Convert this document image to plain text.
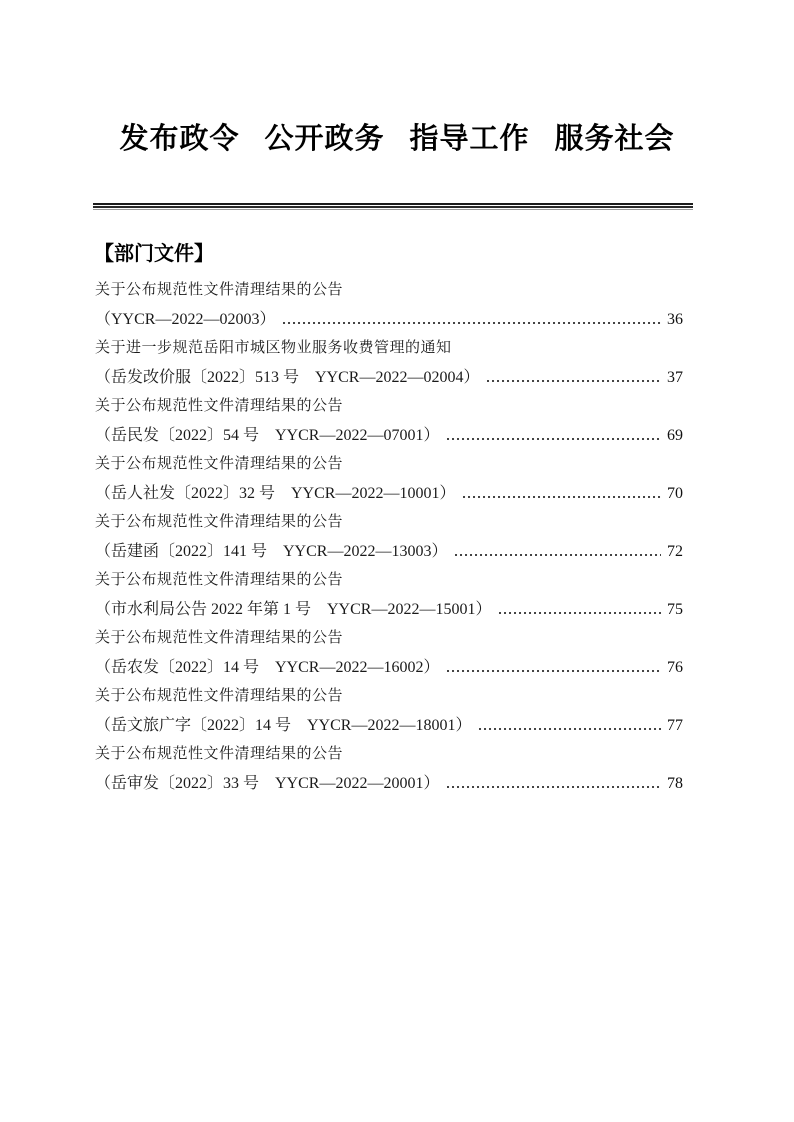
发布政令 公开政务 指导工作 服务社会
【部门文件】
关于公布规范性文件清理结果的公告
（YYCR—2022—02003）	36
关于进一步规范岳阳市城区物业服务收费管理的通知
（岳发改价服〔2022〕513 号　YYCR—2022—02004）	37
关于公布规范性文件清理结果的公告
（岳民发〔2022〕54 号　YYCR—2022—07001）	69
关于公布规范性文件清理结果的公告
（岳人社发〔2022〕32 号　YYCR—2022—10001）	70
关于公布规范性文件清理结果的公告
（岳建函〔2022〕141 号　YYCR—2022—13003）	72
关于公布规范性文件清理结果的公告
（市水利局公告 2022 年第 1 号　YYCR—2022—15001）	75
关于公布规范性文件清理结果的公告
（岳农发〔2022〕14 号　YYCR—2022—16002）	76
关于公布规范性文件清理结果的公告
（岳文旅广字〔2022〕14 号　YYCR—2022—18001）	77
关于公布规范性文件清理结果的公告
（岳审发〔2022〕33 号　YYCR—2022—20001）	78
